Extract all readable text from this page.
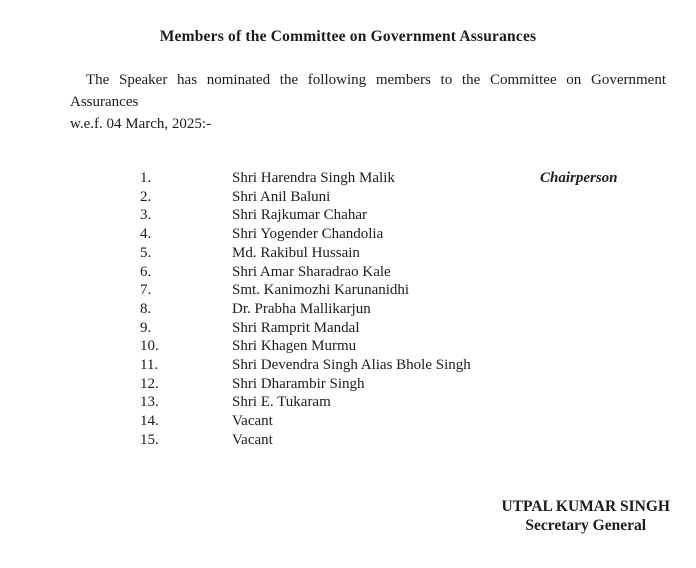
Members of the Committee on Government Assurances
The Speaker has nominated the following members to the Committee on Government Assurances
w.e.f. 04 March, 2025:-
1.	Shri Harendra Singh Malik	Chairperson
2.	Shri Anil Baluni
3.	Shri Rajkumar Chahar
4.	Shri Yogender Chandolia
5.	Md. Rakibul Hussain
6.	Shri Amar Sharadrao Kale
7.	Smt. Kanimozhi Karunanidhi
8.	Dr. Prabha Mallikarjun
9.	Shri Ramprit Mandal
10.	Shri Khagen Murmu
11.	Shri Devendra Singh Alias Bhole Singh
12.	Shri Dharambir Singh
13.	Shri E. Tukaram
14.	Vacant
15.	Vacant
UTPAL KUMAR SINGH
Secretary General
